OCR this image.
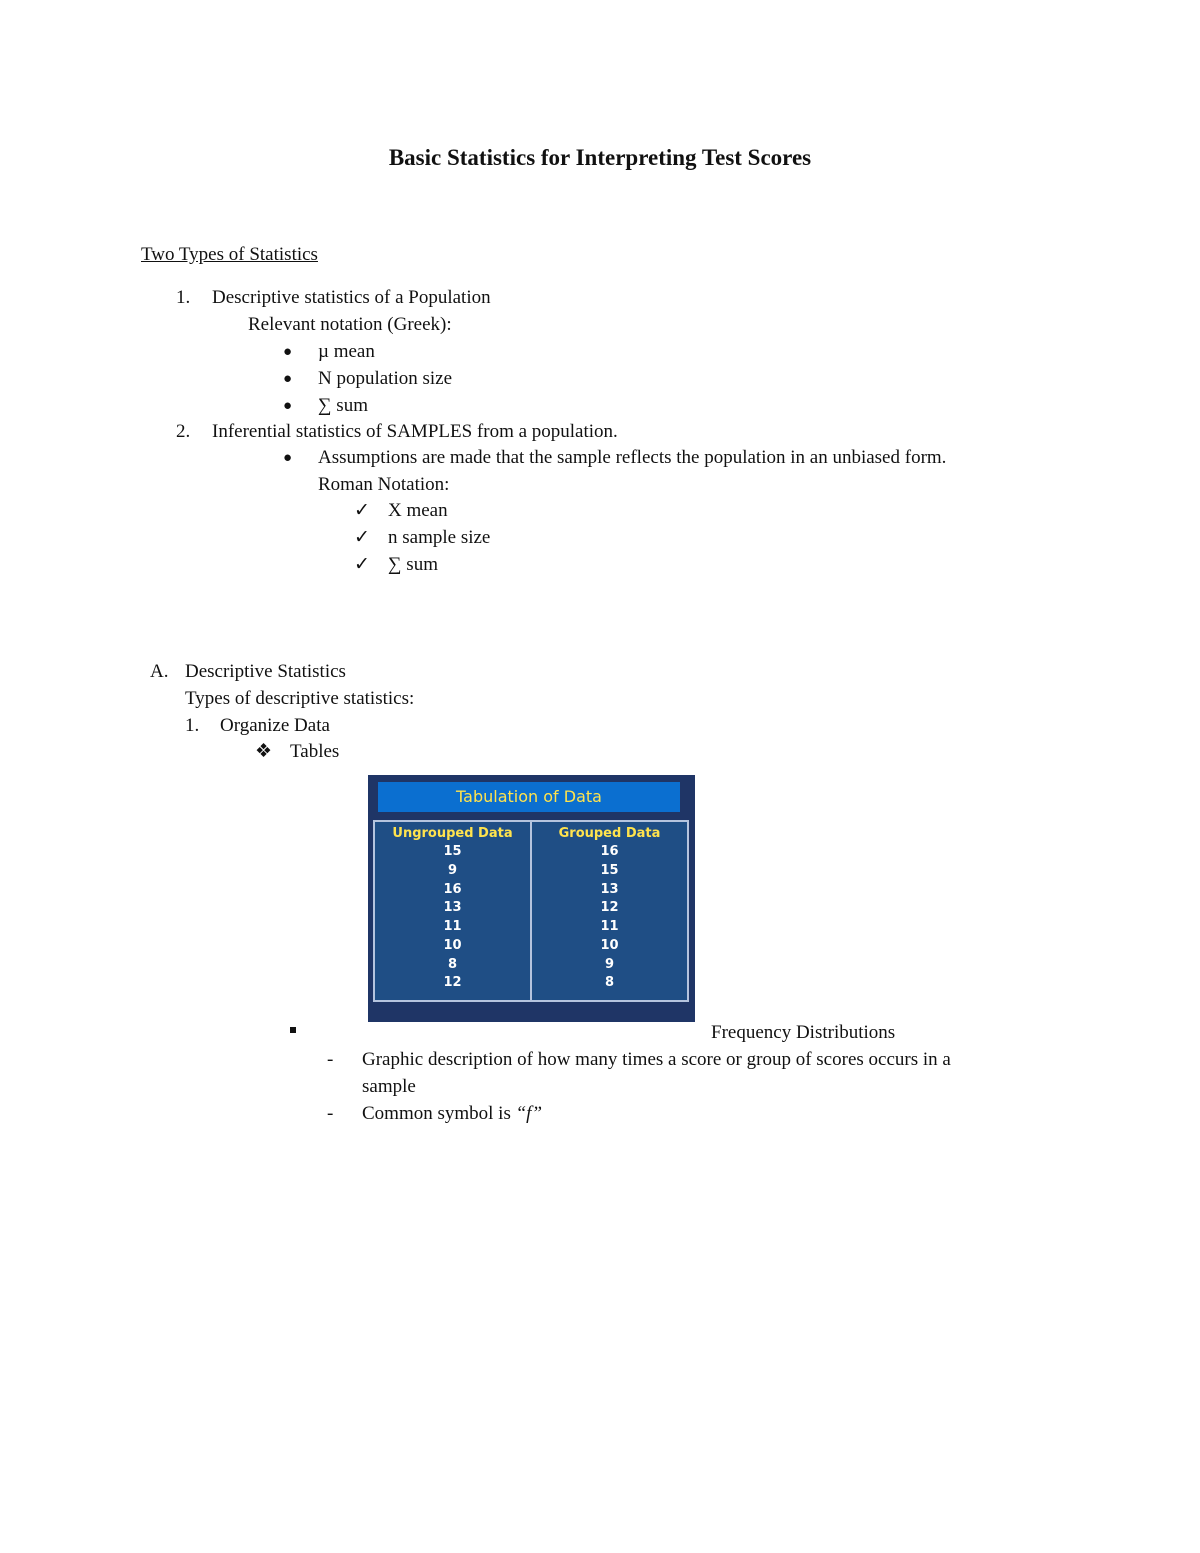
Basic Statistics for Interpreting Test Scores
Two Types of Statistics
1. Descriptive statistics of a Population
Relevant notation (Greek):
● µ mean
● N population size
● ∑ sum
2. Inferential statistics of SAMPLES from a population.
● Assumptions are made that the sample reflects the population in an unbiased form.
Roman Notation:
✓ X mean
✓ n sample size
✓ ∑ sum
A. Descriptive Statistics
Types of descriptive statistics:
1. Organize Data
❖ Tables
Tabulation of Data
Ungrouped Data
15
9
16
13
11
10
8
12
Grouped Data
16
15
13
12
11
10
9
8
Frequency Distributions
- Graphic description of how many times a score or group of scores occurs in a
sample
- Common symbol is “f”
